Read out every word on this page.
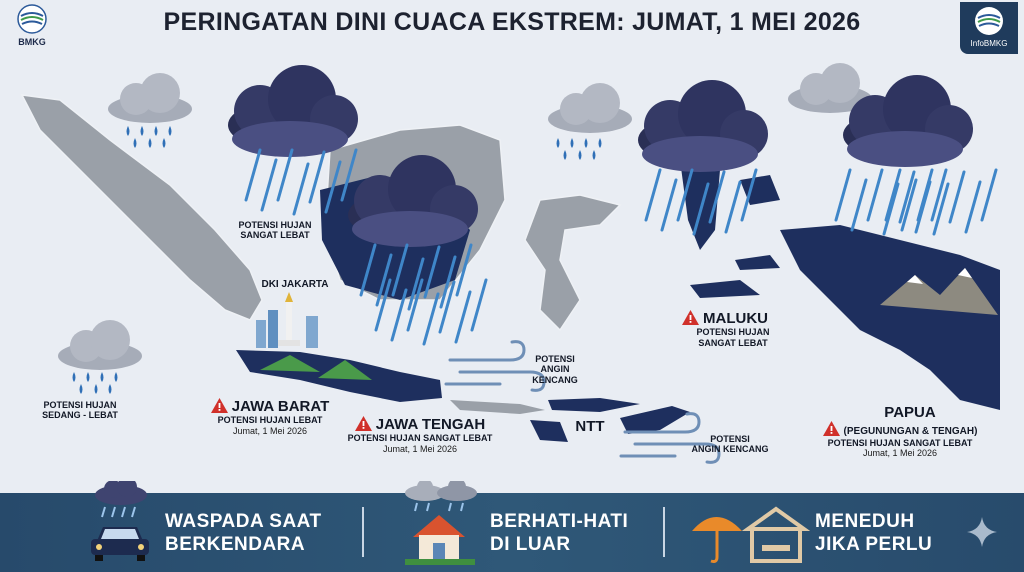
BMKG	InfoBMKG
PERINGATAN DINI CUACA EKSTREM: JUMAT, 1 MEI 2026
POTENSI HUJAN
SEDANG - LEBAT
POTENSI HUJAN
SANGAT LEBAT
DKI JAKARTA
JAWA BARAT
POTENSI HUJAN LEBAT
Jumat, 1 Mei 2026	JAWA TENGAH
POTENSI HUJAN SANGAT LEBAT
Jumat, 1 Mei 2026
POTENSI
ANGIN
KENCANG
NTT
POTENSI
ANGIN KENCANG
MALUKU
POTENSI HUJAN
SANGAT LEBAT
PAPUA
(PEGUNUNGAN & TENGAH)
POTENSI HUJAN SANGAT LEBAT
Jumat, 1 Mei 2026
WASPADA SAAT
BERKENDARA
BERHATI-HATI
DI LUAR
MENEDUH
JIKA PERLU
